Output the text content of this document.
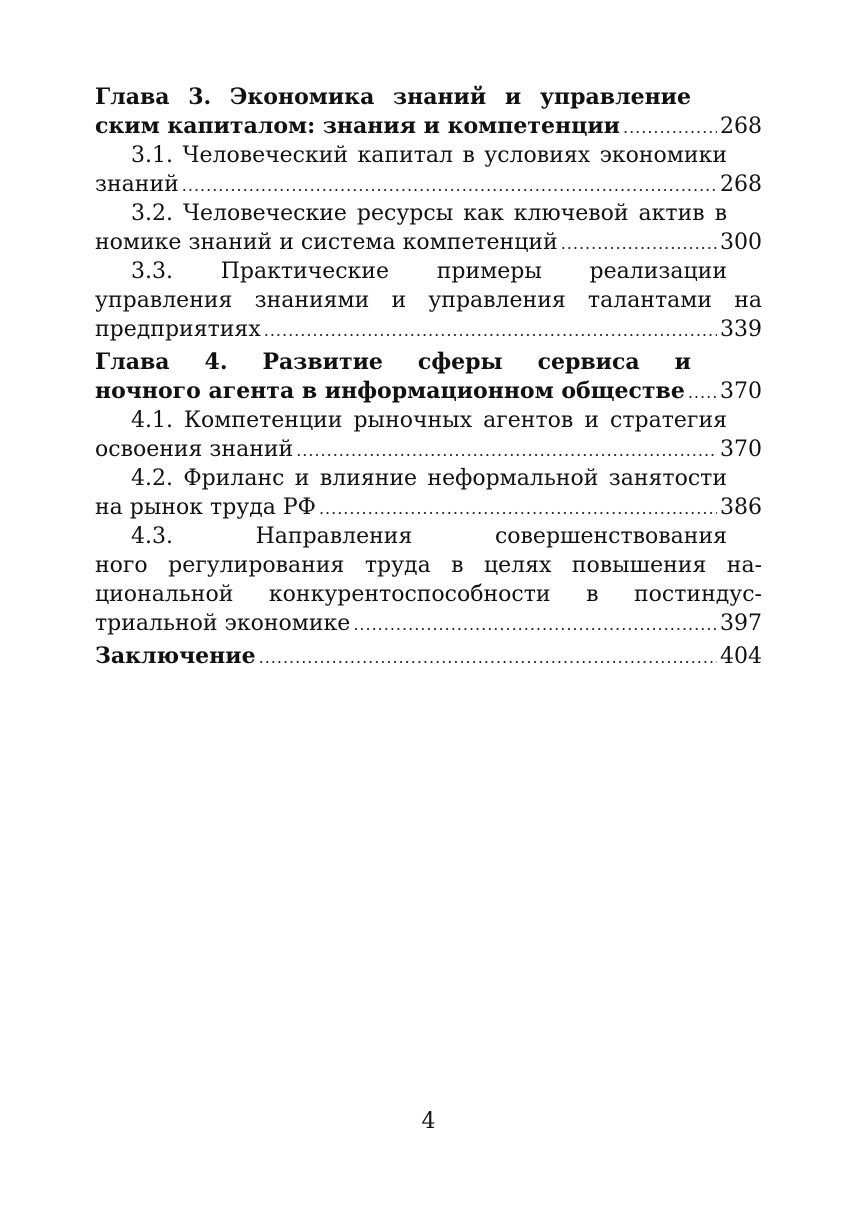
Глава 3. Экономика знаний и управление
ским капиталом: знания и компетенции .....	268
3.1. Человеческий капитал в условиях экономики
знаний .....	268
3.2. Человеческие ресурсы как ключевой актив в
номике знаний и система компетенций .....	300
3.3. Практические примеры реализации
управления знаниями и управления талантами на
предприятиях .....	339
Глава 4. Развитие сферы сервиса и
ночного агента в информационном обществе ..... 370
4.1. Компетенции рыночных агентов и стратегия
освоения знаний .....	370
4.2. Фриланс и влияние неформальной занятости
на рынок труда РФ .....	386
4.3. Направления совершенствования
ного регулирования труда в целях повышения на-
циональной конкурентоспособности в постиндус-
триальной экономике .....	397
Заключение .....	404
4
